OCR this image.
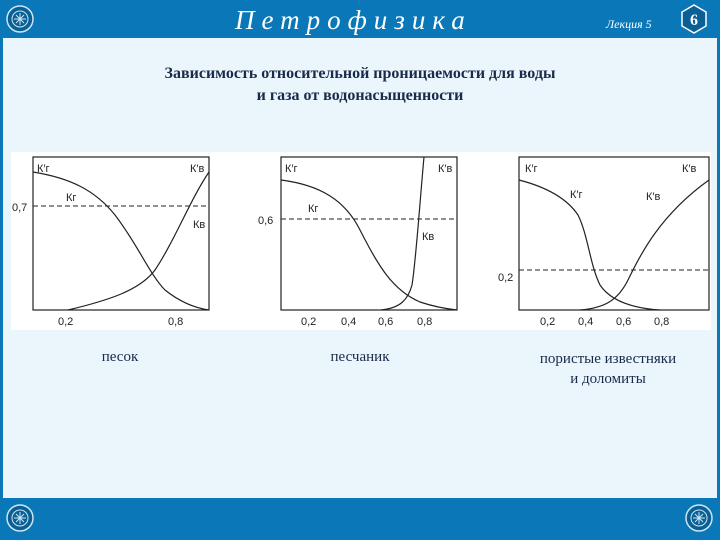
Петрофизика	Лекция 5 6
Зависимость относительной проницаемости для воды
и газа от водонасыщенности
К′г	К′в
Кг
Кв
0,7
0,2	0,8
К′г	К′в
Кг
Кв
0,6
0,2 0,4 0,6 0,8
К′г	К′в
К′г	К′в
0,2
0,2 0,4 0,6 0,8
песок	песчаник	пористые известняки
и доломиты
